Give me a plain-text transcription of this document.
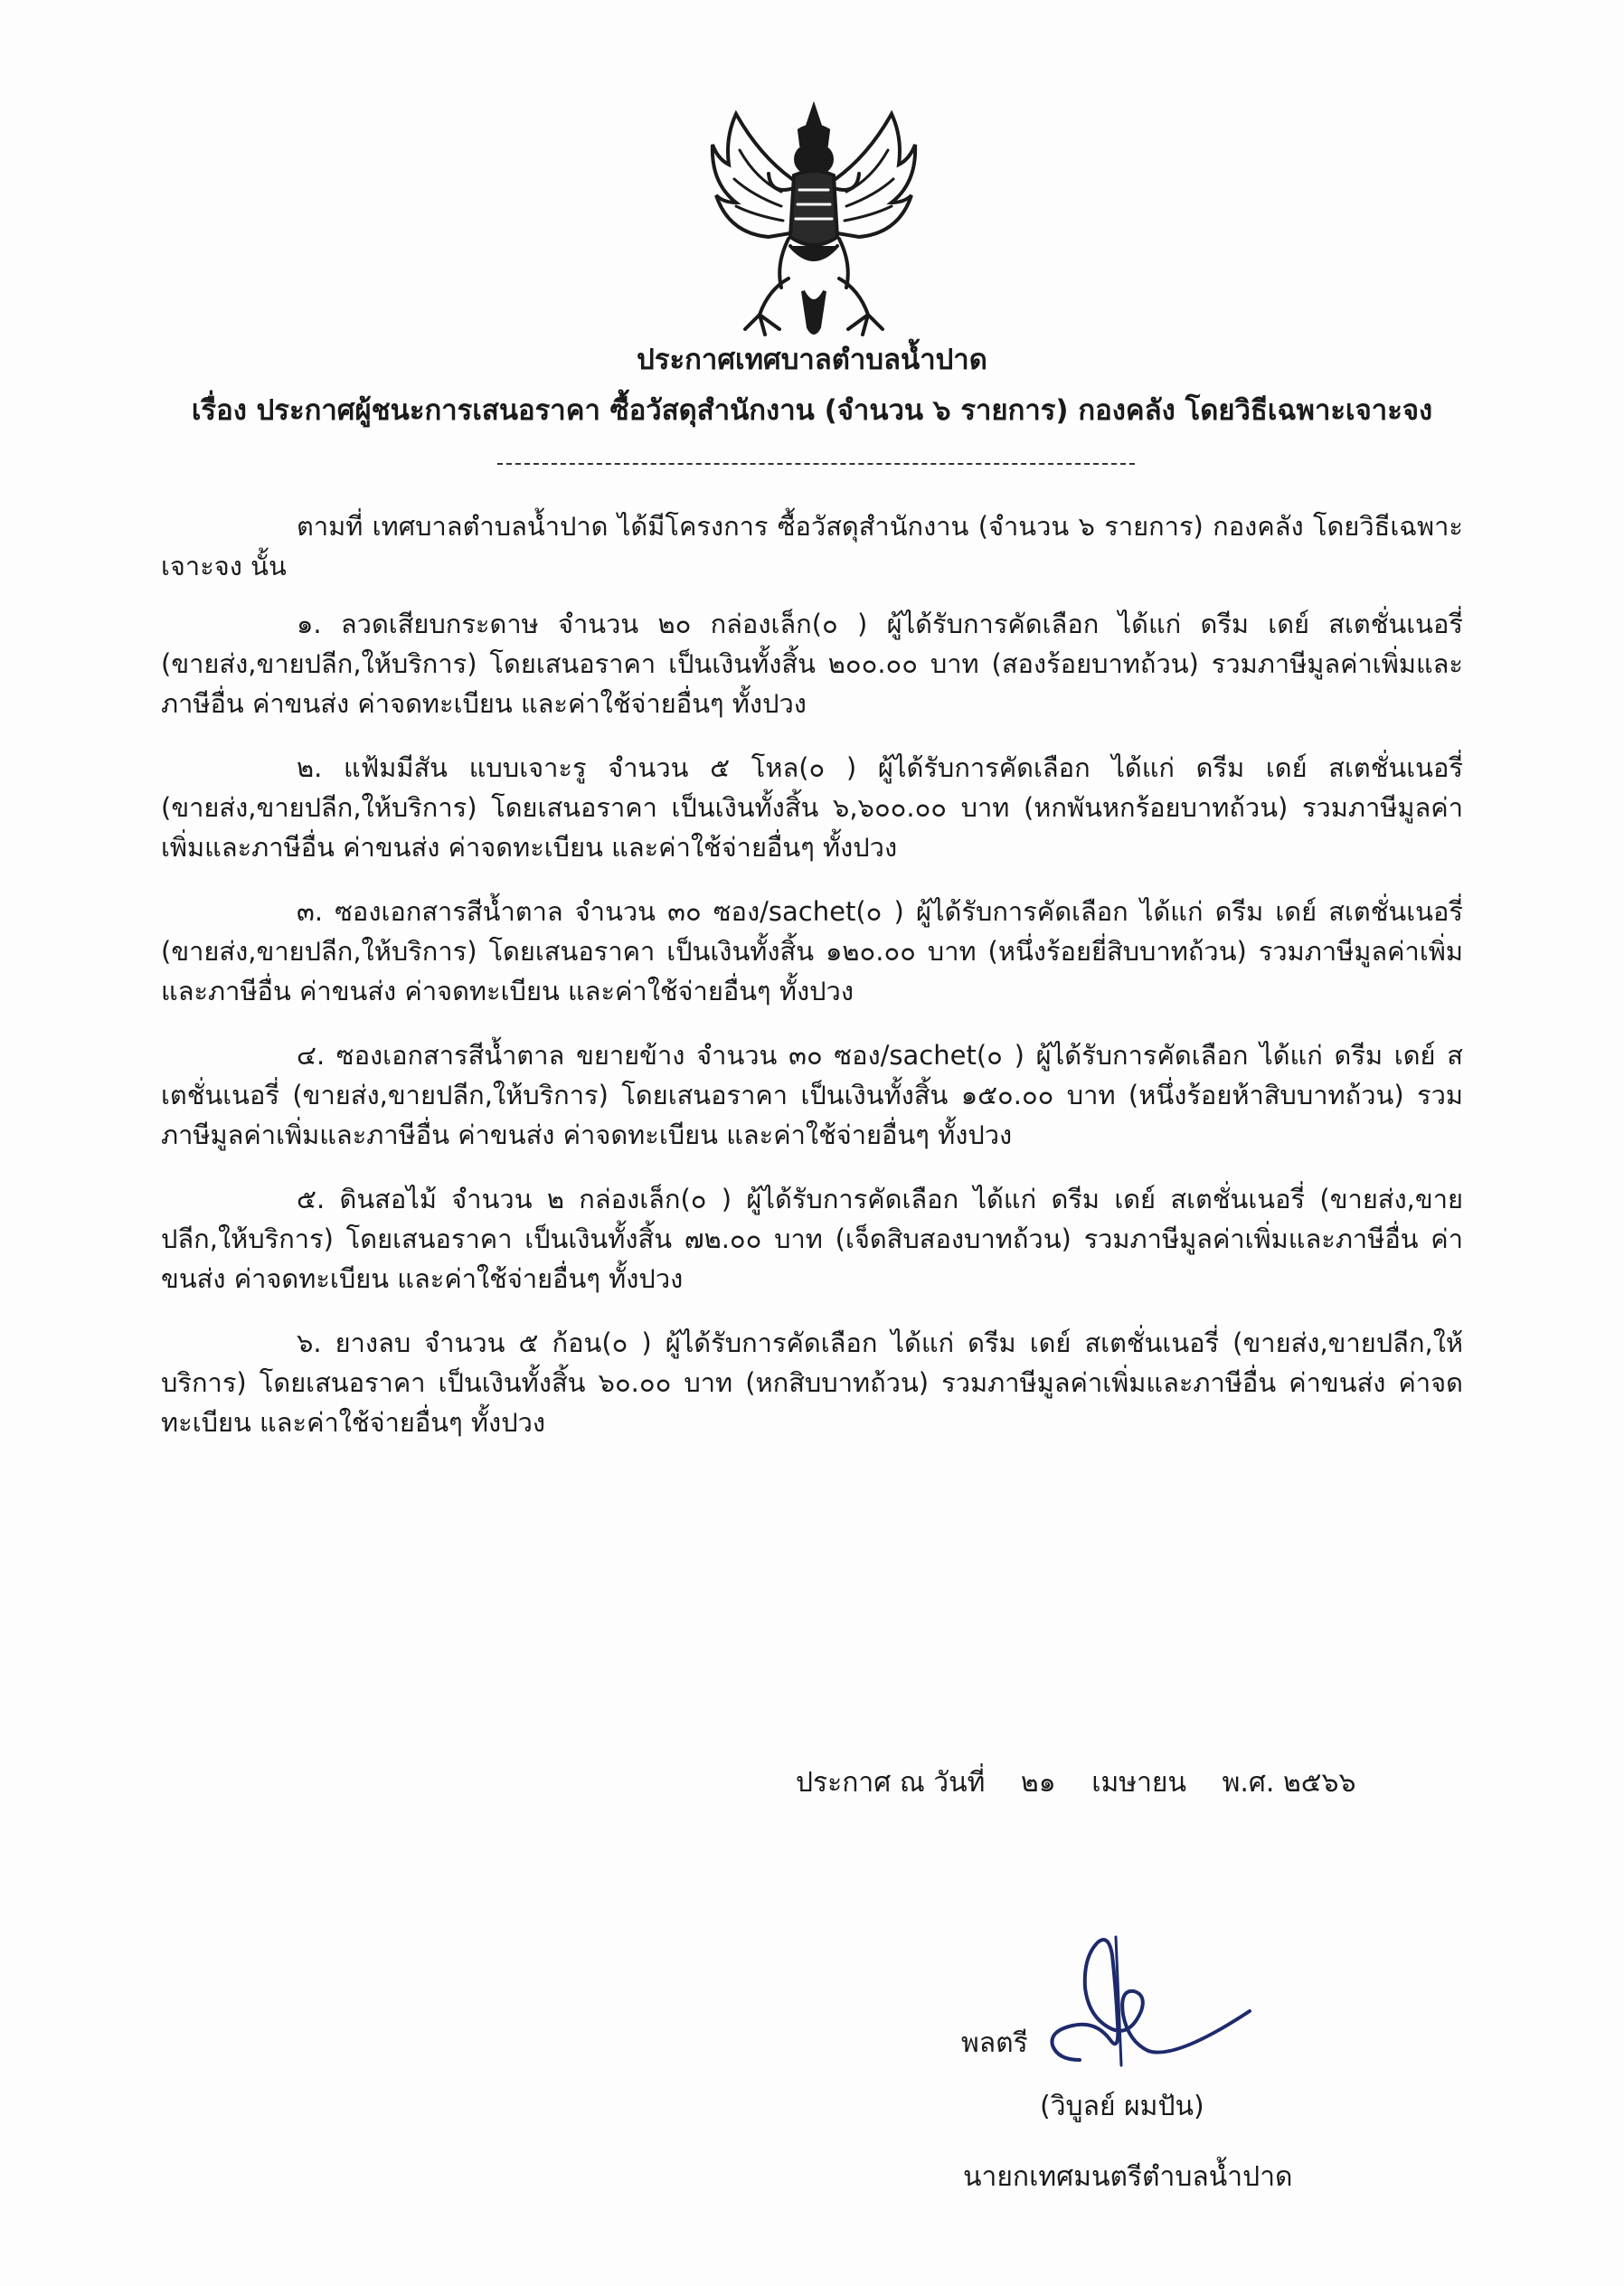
ประกาศเทศบาลตำบลน้ำปาด
เรื่อง ประกาศผู้ชนะการเสนอราคา ซื้อวัสดุสำนักงาน (จำนวน ๖ รายการ) กองคลัง โดยวิธีเฉพาะเจาะจง

ตามที่ เทศบาลตำบลน้ำปาด ได้มีโครงการ ซื้อวัสดุสำนักงาน (จำนวน ๖ รายการ) กองคลัง โดยวิธีเฉพาะเจาะจง นั้น

๑. ลวดเสียบกระดาษ จำนวน ๒๐ กล่องเล็ก(๐ ) ผู้ได้รับการคัดเลือก ได้แก่ ดรีม เดย์ สเตชั่นเนอรี่ (ขายส่ง,ขายปลีก,ให้บริการ) โดยเสนอราคา เป็นเงินทั้งสิ้น ๒๐๐.๐๐ บาท (สองร้อยบาทถ้วน) รวมภาษีมูลค่าเพิ่มและภาษีอื่น ค่าขนส่ง ค่าจดทะเบียน และค่าใช้จ่ายอื่นๆ ทั้งปวง

๒. แฟ้มมีสัน แบบเจาะรู จำนวน ๕ โหล(๐ ) ผู้ได้รับการคัดเลือก ได้แก่ ดรีม เดย์ สเตชั่นเนอรี่ (ขายส่ง,ขายปลีก,ให้บริการ) โดยเสนอราคา เป็นเงินทั้งสิ้น ๖,๖๐๐.๐๐ บาท (หกพันหกร้อยบาทถ้วน) รวมภาษีมูลค่าเพิ่มและภาษีอื่น ค่าขนส่ง ค่าจดทะเบียน และค่าใช้จ่ายอื่นๆ ทั้งปวง

๓. ซองเอกสารสีน้ำตาล จำนวน ๓๐ ซอง/sachet(๐ ) ผู้ได้รับการคัดเลือก ได้แก่ ดรีม เดย์ สเตชั่นเนอรี่ (ขายส่ง,ขายปลีก,ให้บริการ) โดยเสนอราคา เป็นเงินทั้งสิ้น ๑๒๐.๐๐ บาท (หนึ่งร้อยยี่สิบบาทถ้วน) รวมภาษีมูลค่าเพิ่มและภาษีอื่น ค่าขนส่ง ค่าจดทะเบียน และค่าใช้จ่ายอื่นๆ ทั้งปวง

๔. ซองเอกสารสีน้ำตาล ขยายข้าง จำนวน ๓๐ ซอง/sachet(๐ ) ผู้ได้รับการคัดเลือก ได้แก่ ดรีม เดย์ สเตชั่นเนอรี่ (ขายส่ง,ขายปลีก,ให้บริการ) โดยเสนอราคา เป็นเงินทั้งสิ้น ๑๕๐.๐๐ บาท (หนึ่งร้อยห้าสิบบาทถ้วน) รวมภาษีมูลค่าเพิ่มและภาษีอื่น ค่าขนส่ง ค่าจดทะเบียน และค่าใช้จ่ายอื่นๆ ทั้งปวง

๕. ดินสอไม้ จำนวน ๒ กล่องเล็ก(๐ ) ผู้ได้รับการคัดเลือก ได้แก่ ดรีม เดย์ สเตชั่นเนอรี่ (ขายส่ง,ขายปลีก,ให้บริการ) โดยเสนอราคา เป็นเงินทั้งสิ้น ๗๒.๐๐ บาท (เจ็ดสิบสองบาทถ้วน) รวมภาษีมูลค่าเพิ่มและภาษีอื่น ค่าขนส่ง ค่าจดทะเบียน และค่าใช้จ่ายอื่นๆ ทั้งปวง

๖. ยางลบ จำนวน ๕ ก้อน(๐ ) ผู้ได้รับการคัดเลือก ได้แก่ ดรีม เดย์ สเตชั่นเนอรี่ (ขายส่ง,ขายปลีก,ให้บริการ) โดยเสนอราคา เป็นเงินทั้งสิ้น ๖๐.๐๐ บาท (หกสิบบาทถ้วน) รวมภาษีมูลค่าเพิ่มและภาษีอื่น ค่าขนส่ง ค่าจดทะเบียน และค่าใช้จ่ายอื่นๆ ทั้งปวง

ประกาศ ณ วันที่ ๒๑ เมษายน พ.ศ. ๒๕๖๖
พลตรี
(วิบูลย์ ผมปัน)
นายกเทศมนตรีตำบลน้ำปาด
